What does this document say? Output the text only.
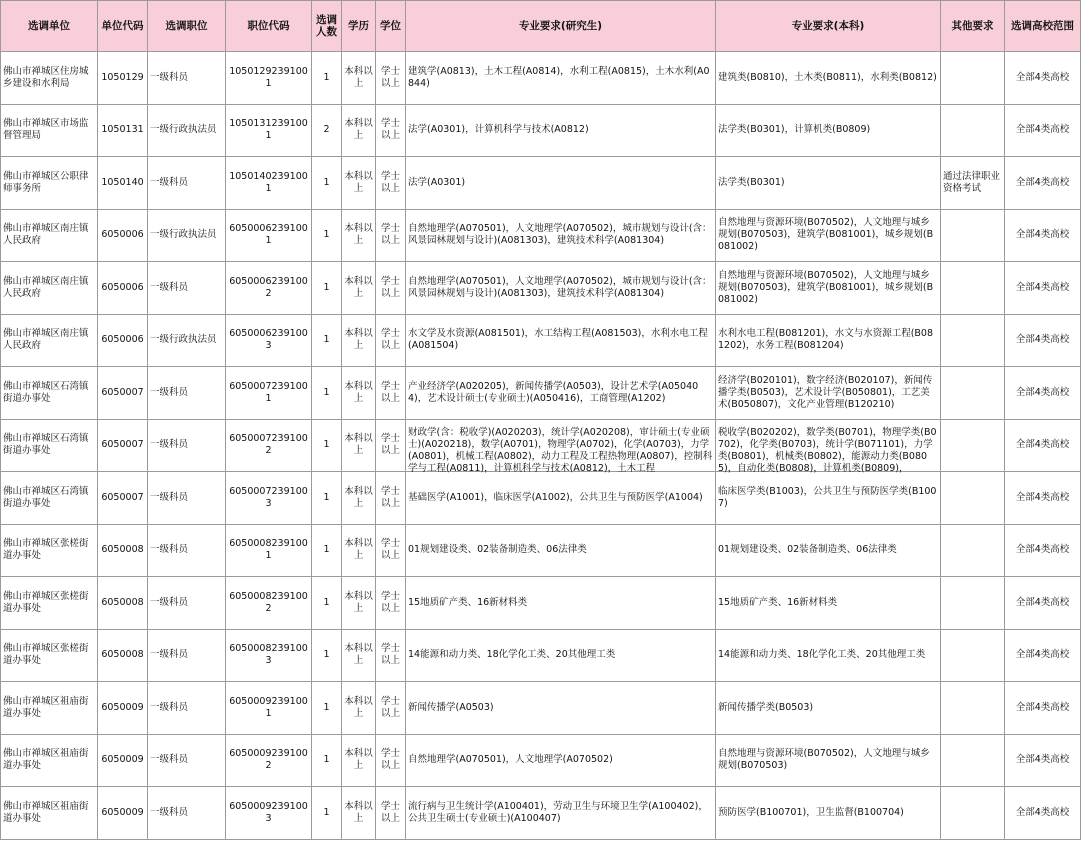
选调单位	单位代码	选调职位	职位代码	选调人数	学历	学位	专业要求(研究生)	专业要求(本科)	其他要求	选调高校范围

佛山市禅城区住房城乡建设和水利局	1050129	一级科员	10501292391001	1	本科以上	学士以上	建筑学(A0813)，土木工程(A0814)，水利工程(A0815)，土木水利(A0844)	建筑类(B0810)，土木类(B0811)，水利类(B0812)		全部4类高校

佛山市禅城区市场监督管理局	1050131	一级行政执法员	10501312391001	2	本科以上	学士以上	法学(A0301)，计算机科学与技术(A0812)	法学类(B0301)，计算机类(B0809)		全部4类高校

佛山市禅城区公职律师事务所	1050140	一级科员	10501402391001	1	本科以上	学士以上	法学(A0301)	法学类(B0301)	通过法律职业资格考试	全部4类高校

佛山市禅城区南庄镇人民政府	6050006	一级行政执法员	60500062391001	1	本科以上	学士以上	自然地理学(A070501)，人文地理学(A070502)，城市规划与设计(含：风景园林规划与设计)(A081303)，建筑技术科学(A081304)	自然地理与资源环境(B070502)，人文地理与城乡规划(B070503)，建筑学(B081001)，城乡规划(B081002)		全部4类高校

佛山市禅城区南庄镇人民政府	6050006	一级科员	60500062391002	1	本科以上	学士以上	自然地理学(A070501)，人文地理学(A070502)，城市规划与设计(含：风景园林规划与设计)(A081303)，建筑技术科学(A081304)	自然地理与资源环境(B070502)，人文地理与城乡规划(B070503)，建筑学(B081001)，城乡规划(B081002)		全部4类高校

佛山市禅城区南庄镇人民政府	6050006	一级行政执法员	60500062391003	1	本科以上	学士以上	水文学及水资源(A081501)，水工结构工程(A081503)，水利水电工程(A081504)	水利水电工程(B081201)，水文与水资源工程(B081202)，水务工程(B081204)		全部4类高校

佛山市禅城区石湾镇街道办事处	6050007	一级科员	60500072391001	1	本科以上	学士以上	产业经济学(A020205)，新闻传播学(A0503)，设计艺术学(A050404)，艺术设计硕士(专业硕士)(A050416)，工商管理(A1202)	经济学(B020101)，数字经济(B020107)，新闻传播学类(B0503)，艺术设计学(B050801)，工艺美术(B050807)，文化产业管理(B120210)		全部4类高校

佛山市禅城区石湾镇街道办事处	6050007	一级科员	60500072391002	1	本科以上	学士以上	财政学(含：税收学)(A020203)，统计学(A020208)，审计硕士(专业硕士)(A020218)，数学(A0701)，物理学(A0702)，化学(A0703)，力学(A0801)，机械工程(A0802)，动力工程及工程热物理(A0807)，控制科学与工程(A0811)，计算机科学与技术(A0812)，土木工程	税收学(B020202)，数学类(B0701)，物理学类(B0702)，化学类(B0703)，统计学(B071101)，力学类(B0801)，机械类(B0802)，能源动力类(B0805)，自动化类(B0808)，计算机类(B0809)，		全部4类高校

佛山市禅城区石湾镇街道办事处	6050007	一级科员	60500072391003	1	本科以上	学士以上	基础医学(A1001)，临床医学(A1002)，公共卫生与预防医学(A1004)	临床医学类(B1003)，公共卫生与预防医学类(B1007)		全部4类高校

佛山市禅城区张槎街道办事处	6050008	一级科员	60500082391001	1	本科以上	学士以上	01规划建设类、02装备制造类、06法律类	01规划建设类、02装备制造类、06法律类		全部4类高校

佛山市禅城区张槎街道办事处	6050008	一级科员	60500082391002	1	本科以上	学士以上	15地质矿产类、16新材料类	15地质矿产类、16新材料类		全部4类高校

佛山市禅城区张槎街道办事处	6050008	一级科员	60500082391003	1	本科以上	学士以上	14能源和动力类、18化学化工类、20其他理工类	14能源和动力类、18化学化工类、20其他理工类		全部4类高校

佛山市禅城区祖庙街道办事处	6050009	一级科员	60500092391001	1	本科以上	学士以上	新闻传播学(A0503)	新闻传播学类(B0503)		全部4类高校

佛山市禅城区祖庙街道办事处	6050009	一级科员	60500092391002	1	本科以上	学士以上	自然地理学(A070501)，人文地理学(A070502)	自然地理与资源环境(B070502)，人文地理与城乡规划(B070503)		全部4类高校

佛山市禅城区祖庙街道办事处	6050009	一级科员	60500092391003	1	本科以上	学士以上	流行病与卫生统计学(A100401)，劳动卫生与环境卫生学(A100402)，公共卫生硕士(专业硕士)(A100407)	预防医学(B100701)，卫生监督(B100704)		全部4类高校
